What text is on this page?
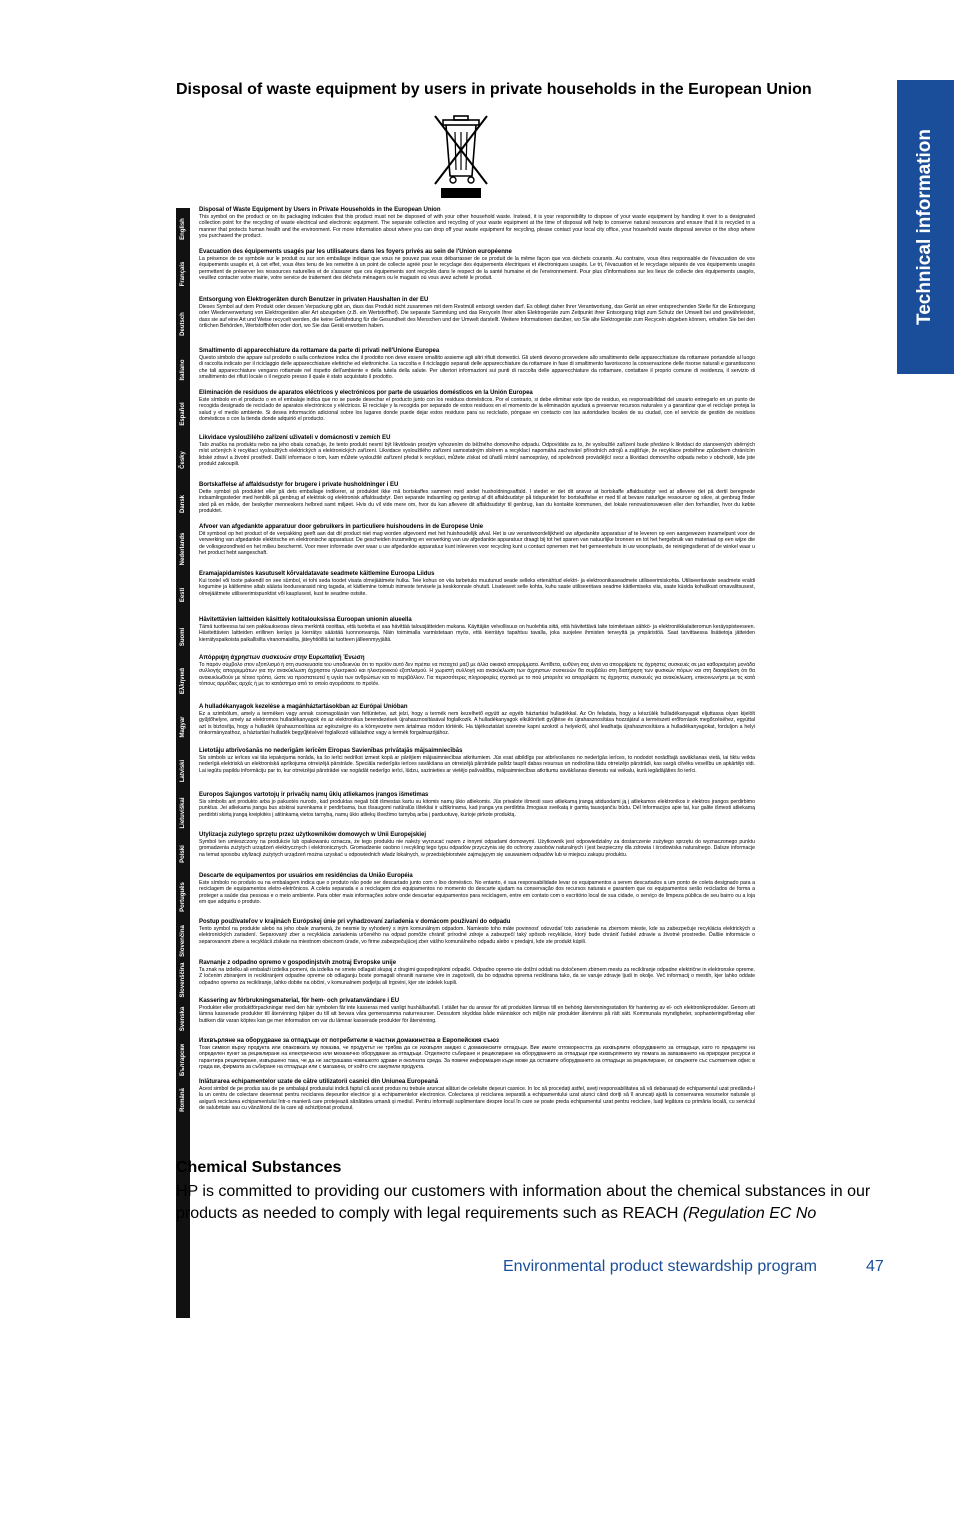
Technical information
Disposal of waste equipment by users in private households in the European Union
English
Français
Deutsch
Italiano
Español
Česky
Dansk
Nederlands
Eesti
Suomi
Ελληνικά
Magyar
Latviski
Lietuviškai
Polski
Português
Slovenčina
Slovenščina
Svenska
Български
Română
Disposal of Waste Equipment by Users in Private Households in the European Union
This symbol on the product or on its packaging indicates that this product must not be disposed of with your other household waste. Instead, it is your responsibility to dispose of your waste equipment by handing it over to a designated collection point for the recycling of waste electrical and electronic equipment. The separate collection and recycling of your waste equipment at the time of disposal will help to conserve natural resources and ensure that it is recycled in a manner that protects human health and the environment. For more information about where you can drop off your waste equipment for recycling, please contact your local city office, your household waste disposal service or the shop where you purchased the product.
Évacuation des équipements usagés par les utilisateurs dans les foyers privés au sein de l'Union européenne
La présence de ce symbole sur le produit ou sur son emballage indique que vous ne pouvez pas vous débarrasser de ce produit de la même façon que vos déchets courants. Au contraire, vous êtes responsable de l'évacuation de vos équipements usagés et, à cet effet, vous êtes tenu de les remettre à un point de collecte agréé pour le recyclage des équipements électriques et électroniques usagés. Le tri, l'évacuation et le recyclage séparés de vos équipements usagés permettent de préserver les ressources naturelles et de s'assurer que ces équipements sont recyclés dans le respect de la santé humaine et de l'environnement. Pour plus d'informations sur les lieux de collecte des équipements usagés, veuillez contacter votre mairie, votre service de traitement des déchets ménagers ou le magasin où vous avez acheté le produit.
Entsorgung von Elektrogeräten durch Benutzer in privaten Haushalten in der EU
Dieses Symbol auf dem Produkt oder dessen Verpackung gibt an, dass das Produkt nicht zusammen mit dem Restmüll entsorgt werden darf. Es obliegt daher Ihrer Verantwortung, das Gerät an einer entsprechenden Stelle für die Entsorgung oder Wiederverwertung von Elektrogeräten aller Art abzugeben (z.B. ein Wertstoffhof). Die separate Sammlung und das Recyceln Ihrer alten Elektrogeräte zum Zeitpunkt ihrer Entsorgung trägt zum Schutz der Umwelt bei und gewährleistet, dass sie auf eine Art und Weise recycelt werden, die keine Gefährdung für die Gesundheit des Menschen und der Umwelt darstellt. Weitere Informationen darüber, wo Sie alte Elektrogeräte zum Recyceln abgeben können, erhalten Sie bei den örtlichen Behörden, Wertstoffhöfen oder dort, wo Sie das Gerät erworben haben.
Smaltimento di apparecchiature da rottamare da parte di privati nell'Unione Europea
Questo simbolo che appare sul prodotto o sulla confezione indica che il prodotto non deve essere smaltito assieme agli altri rifiuti domestici. Gli utenti devono provvedere allo smaltimento delle apparecchiature da rottamare portandole al luogo di raccolta indicato per il riciclaggio delle apparecchiature elettriche ed elettroniche. La raccolta e il riciclaggio separati delle apparecchiature da rottamare in fase di smaltimento favoriscono la conservazione delle risorse naturali e garantiscono che tali apparecchiature vengano rottamate nel rispetto dell'ambiente e della tutela della salute. Per ulteriori informazioni sui punti di raccolta delle apparecchiature da rottamare, contattare il proprio comune di residenza, il servizio di smaltimento dei rifiuti locale o il negozio presso il quale è stato acquistato il prodotto.
Eliminación de residuos de aparatos eléctricos y electrónicos por parte de usuarios domésticos en la Unión Europea
Este símbolo en el producto o en el embalaje indica que no se puede desechar el producto junto con los residuos domésticos. Por el contrario, si debe eliminar este tipo de residuo, es responsabilidad del usuario entregarlo en un punto de recogida designado de reciclado de aparatos electrónicos y eléctricos. El reciclaje y la recogida por separado de estos residuos en el momento de la eliminación ayudará a preservar recursos naturales y a garantizar que el reciclaje proteja la salud y el medio ambiente. Si desea información adicional sobre los lugares donde puede dejar estos residuos para su reciclado, póngase en contacto con las autoridades locales de su ciudad, con el servicio de gestión de residuos domésticos o con la tienda donde adquirió el producto.
Likvidace vysloužilého zařízení uživateli v domácnosti v zemích EU
Tato značka na produktu nebo na jeho obalu označuje, že tento produkt nesmí být likvidován prostým vyhozením do běžného domovního odpadu. Odpovídáte za to, že vysloužilé zařízení bude předáno k likvidaci do stanovených sběrných míst určených k recyklaci vysloužilých elektrických a elektronických zařízení. Likvidace vysloužilého zařízení samostatným sběrem a recyklací napomáhá zachování přírodních zdrojů a zajišťuje, že recyklace proběhne způsobem chránícím lidské zdraví a životní prostředí. Další informace o tom, kam můžete vysloužilé zařízení předat k recyklaci, můžete získat od úřadů místní samosprávy, od společnosti provádějící svoz a likvidaci domovního odpadu nebo v obchodě, kde jste produkt zakoupili.
Bortskaffelse af affaldsudstyr for brugere i private husholdninger i EU
Dette symbol på produktet eller på dets emballage indikerer, at produktet ikke må bortskaffes sammen med andet husholdningsaffald. I stedet er det dit ansvar at bortskaffe affaldsudstyr ved at aflevere det på dertil beregnede indsamlingssteder med henblik på genbrug af elektrisk og elektronisk affaldsudstyr. Den separate indsamling og genbrug af dit affaldsudstyr på tidspunktet for bortskaffelse er med til at bevare naturlige ressourcer og sikre, at genbrug finder sted på en måde, der beskytter menneskers helbred samt miljøet. Hvis du vil vide mere om, hvor du kan aflevere dit affaldsudstyr til genbrug, kan du kontakte kommunen, det lokale renovationsvæsen eller den forhandler, hvor du købte produktet.
Afvoer van afgedankte apparatuur door gebruikers in particuliere huishoudens in de Europese Unie
Dit symbool op het product of de verpakking geeft aan dat dit product niet mag worden afgevoerd met het huishoudelijk afval. Het is uw verantwoordelijkheid uw afgedankte apparatuur af te leveren op een aangewezen inzamelpunt voor de verwerking van afgedankte elektrische en elektronische apparatuur. De gescheiden inzameling en verwerking van uw afgedankte apparatuur draagt bij tot het sparen van natuurlijke bronnen en tot het hergebruik van materiaal op een wijze die de volksgezondheid en het milieu beschermt. Voor meer informatie over waar u uw afgedankte apparatuur kunt inleveren voor recycling kunt u contact opnemen met het gemeentehuis in uw woonplaats, de reinigingsdienst of de winkel waar u het product hebt aangeschaft.
Eramajapidamistes kasutuselt kõrvaldatavate seadmete käitlemine Euroopa Liidus
Kui tootel või toote pakendil on see sümbol, ei tohi seda toodet visata olmejäätmete hulka. Teie kohus on viia tarbetuks muutunud seade selleks ettenähtud elektri- ja elektroonikaseadmete utiliseerimiskohta. Utiliseeritavate seadmete eraldi kogumine ja käitlemine aitab säästa loodusvarasid ning tagada, et käitlemine toimub inimeste tervisele ja keskkonnale ohutult. Lisateavet selle kohta, kuhu saate utiliseeritava seadme käitlemiseks viia, saate küsida kohalikust omavalitsusest, olmejäätmete utiliseerimispunktist või kauplusest, kust te seadme ostsite.
Hävitettävien laitteiden käsittely kotitalouksissa Euroopan unionin alueella
Tämä tuotteessa tai sen pakkauksessa oleva merkintä osoittaa, että tuotetta ei saa hävittää talousjätteiden mukana. Käyttäjän velvollisuus on huolehtia siitä, että hävitettävä laite toimitetaan sähkö- ja elektroniikkalaiteromun keräyspisteeseen. Hävitettävien laitteiden erillinen keräys ja kierrätys säästää luonnonvaroja. Näin toimimalla varmistetaan myös, että kierrätys tapahtuu tavalla, joka suojelee ihmisten terveyttä ja ympäristöä. Saat tarvittaessa lisätietoja jätteiden kierrätyspaikoista paikallisilta viranomaisilta, jäteyhtiöiltä tai tuotteen jälleenmyyjältä.
Απόρριψη άχρηστων συσκευών στην Ευρωπαϊκή Ένωση
Το παρόν σύμβολο στον εξοπλισμό ή στη συσκευασία του υποδεικνύει ότι το προϊόν αυτό δεν πρέπει να πεταχτεί μαζί με άλλα οικιακά απορρίμματα. Αντίθετα, ευθύνη σας είναι να απορρίψετε τις άχρηστες συσκευές σε μια καθορισμένη μονάδα συλλογής απορριμμάτων για την ανακύκλωση άχρηστου ηλεκτρικού και ηλεκτρονικού εξοπλισμού. Η χωριστή συλλογή και ανακύκλωση των άχρηστων συσκευών θα συμβάλει στη διατήρηση των φυσικών πόρων και στη διασφάλιση ότι θα ανακυκλωθούν με τέτοιο τρόπο, ώστε να προστατευτεί η υγεία των ανθρώπων και το περιβάλλον. Για περισσότερες πληροφορίες σχετικά με το πού μπορείτε να απορρίψετε τις άχρηστες συσκευές για ανακύκλωση, επικοινωνήστε με τις κατά τόπους αρμόδιες αρχές ή με το κατάστημα από το οποίο αγοράσατε το προϊόν.
A hulladékanyagok kezelése a magánháztartásokban az Európai Unióban
Ez a szimbólum, amely a terméken vagy annak csomagolásán van feltüntetve, azt jelzi, hogy a termék nem kezelhető együtt az egyéb háztartási hulladékkal. Az Ön feladata, hogy a készülék hulladékanyagait eljuttassa olyan kijelölt gyűjtőhelyre, amely az elektromos hulladékanyagok és az elektronikus berendezések újrahasznosításával foglalkozik. A hulladékanyagok elkülönített gyűjtése és újrahasznosítása hozzájárul a természeti erőforrások megőrzéséhez, egyúttal azt is biztosítja, hogy a hulladék újrahasznosítása az egészségre és a környezetre nem ártalmas módon történik. Ha tájékoztatást szeretne kapni azokról a helyekről, ahol leadhatja újrahasznosításra a hulladékanyagokat, forduljon a helyi önkormányzathoz, a háztartási hulladék begyűjtésével foglalkozó vállalathoz vagy a termék forgalmazójához.
Lietotāju atbrīvošanās no nederīgām ierīcēm Eiropas Savienības privātajās mājsaimniecībās
Šis simbols uz ierīces vai tās iepakojuma norāda, ka šo ierīci nedrīkst izmest kopā ar pārējiem mājsaimniecības atkritumiem. Jūs esat atbildīgs par atbrīvošanos no nederīgās ierīces, to nododot norādītajā savākšanas vietā, lai tiktu veikta nederīgā elektriskā un elektroniskā aprīkojuma otrreizējā pārstrāde. Speciāla nederīgās ierīces savākšana un otrreizējā pārstrāde palīdz taupīt dabas resursus un nodrošina tādu otrreizējo pārstrādi, kas sargā cilvēku veselību un apkārtējo vidi. Lai iegūtu papildu informāciju par to, kur otrreizējai pārstrādei var nogādāt nederīgo ierīci, lūdzu, sazinieties ar vietējo pašvaldību, mājsaimniecības atkritumu savākšanas dienestu vai veikalu, kurā iegādājāties šo ierīci.
Europos Sąjungos vartotojų ir privačių namų ūkių atliekamos įrangos išmetimas
Šis simbolis ant produkto arba jo pakuotės nurodo, kad produktas negali būti išmestas kartu su kitomis namų ūkio atliekomis. Jūs privalote išmesti savo atliekamą įrangą atiduodami ją į atliekamos elektronikos ir elektros įrangos perdirbimo punktus. Jei atliekama įranga bus atskirai surenkama ir perdirbama, bus išsaugomi natūralūs ištekliai ir užtikrinama, kad įranga yra perdirbta žmogaus sveikatą ir gamtą tausojančiu būdu. Dėl informacijos apie tai, kur galite išmesti atliekamą perdirbti skirtą įrangą kreipkitės į atitinkamą vietos tarnybą, namų ūkio atliekų išvežimo tarnybą arba į parduotuvę, kurioje pirkote produktą.
Utylizacja zużytego sprzętu przez użytkowników domowych w Unii Europejskiej
Symbol ten umieszczony na produkcie lub opakowaniu oznacza, że tego produktu nie należy wyrzucać razem z innymi odpadami domowymi. Użytkownik jest odpowiedzialny za dostarczenie zużytego sprzętu do wyznaczonego punktu gromadzenia zużytych urządzeń elektrycznych i elektronicznych. Gromadzenie osobno i recykling tego typu odpadów przyczynia się do ochrony zasobów naturalnych i jest bezpieczny dla zdrowia i środowiska naturalnego. Dalsze informacje na temat sposobu utylizacji zużytych urządzeń można uzyskać u odpowiednich władz lokalnych, w przedsiębiorstwie zajmującym się usuwaniem odpadów lub w miejscu zakupu produktu.
Descarte de equipamentos por usuários em residências da União Européia
Este símbolo no produto ou na embalagem indica que o produto não pode ser descartado junto com o lixo doméstico. No entanto, é sua responsabilidade levar os equipamentos a serem descartados a um ponto de coleta designado para a reciclagem de equipamentos eletro-eletrônicos. A coleta separada e a reciclagem dos equipamentos no momento do descarte ajudam na conservação dos recursos naturais e garantem que os equipamentos serão reciclados de forma a proteger a saúde das pessoas e o meio ambiente. Para obter mais informações sobre onde descartar equipamentos para reciclagem, entre em contato com o escritório local de sua cidade, o serviço de limpeza pública de seu bairro ou a loja em que adquiriu o produto.
Postup používateľov v krajinách Európskej únie pri vyhadzovaní zariadenia v domácom používaní do odpadu
Tento symbol na produkte alebo na jeho obale znamená, že nesmie by vyhodený s iným komunálnym odpadom. Namiesto toho máte povinnosť odovzdať toto zariadenie na zbernom mieste, kde sa zabezpečuje recyklácia elektrických a elektronických zariadení. Separovaný zber a recyklácia zariadenia určeného na odpad pomôže chrániť prírodné zdroje a zabezpečí taký spôsob recyklácie, ktorý bude chrániť ľudské zdravie a životné prostredie. Ďalšie informácie o separovanom zbere a recyklácii získate na miestnom obecnom úrade, vo firme zabezpečujúcej zber vášho komunálneho odpadu alebo v predajni, kde ste produkt kúpili.
Ravnanje z odpadno opremo v gospodinjstvih znotraj Evropske unije
Ta znak na izdelku ali embalaži izdelka pomeni, da izdelka ne smete odlagati skupaj z drugimi gospodinjskimi odpadki. Odpadno opremo ste dolžni oddati na določenem zbirnem mestu za recikliranje odpadne električne in elektronske opreme. Z ločenim zbiranjem in recikliranjem odpadne opreme ob odlaganju boste pomagali ohraniti naravne vire in zagotovili, da bo odpadna oprema reciklirana tako, da se varuje zdravje ljudi in okolje. Več informacij o mestih, kjer lahko oddate odpadno opremo za recikliranje, lahko dobite na občini, v komunalnem podjetju ali trgovini, kjer ste izdelek kupili.
Kassering av förbrukningsmaterial, för hem- och privatanvändare i EU
Produkter eller produktförpackningar med den här symbolen får inte kasseras med vanligt hushållsavfall. I stället har du ansvar för att produkten lämnas till en behörig återvinningsstation för hantering av el- och elektronikprodukter. Genom att lämna kasserade produkter till återvinning hjälper du till att bevara våra gemensamma naturresurser. Dessutom skyddas både människor och miljön när produkter återvinns på rätt sätt. Kommunala myndigheter, sophanteringsföretag eller butiken där varan köptes kan ge mer information om var du lämnar kasserade produkter för återvinning.
Изхвърляне на оборудване за отпадъци от потребители в частни домакинства в Европейския съюз
Този символ върху продукта или опаковката му показва, че продуктът не трябва да се изхвърля заедно с домакинските отпадъци. Вие имате отговорността да изхвърлите оборудването за отпадъци, като го предадете на определен пункт за рециклиране на електрическо или механично оборудване за отпадъци. Отделното събиране и рециклиране на оборудването за отпадъци при изхвърлянето му помага за запазването на природни ресурси и гарантира рециклиране, извършено така, че да не застрашава човешкото здраве и околната среда. За повече информация къде може да оставите оборудването за отпадъци за рециклиране, се свържете със съответния офис в града ви, фирмата за събиране на отпадъци или с магазина, от който сте закупили продукта.
Înlăturarea echipamentelor uzate de către utilizatorii casnici din Uniunea Europeană
Acest simbol de pe produs sau de pe ambalajul produsului indică faptul că acest produs nu trebuie aruncat alături de celelalte deșeuri casnice. În loc să procedați astfel, aveți responsabilitatea să vă debarasați de echipamentul uzat predându-l la un centru de colectare desemnat pentru reciclarea deșeurilor electrice și a echipamentelor electronice. Colectarea și reciclarea separată a echipamentului uzat atunci când doriți să îl aruncați ajută la conservarea resurselor naturale și asigură reciclarea echipamentului într-o manieră care protejează sănătatea umană și mediul. Pentru informații suplimentare despre locul în care se poate preda echipamentul uzat pentru reciclare, luați legătura cu primăria locală, cu serviciul de salubritate sau cu vânzătorul de la care ați achiziționat produsul.
Chemical Substances
HP is committed to providing our customers with information about the chemical substances in our products as needed to comply with legal requirements such as REACH (Regulation EC No
Environmental product stewardship program	47
